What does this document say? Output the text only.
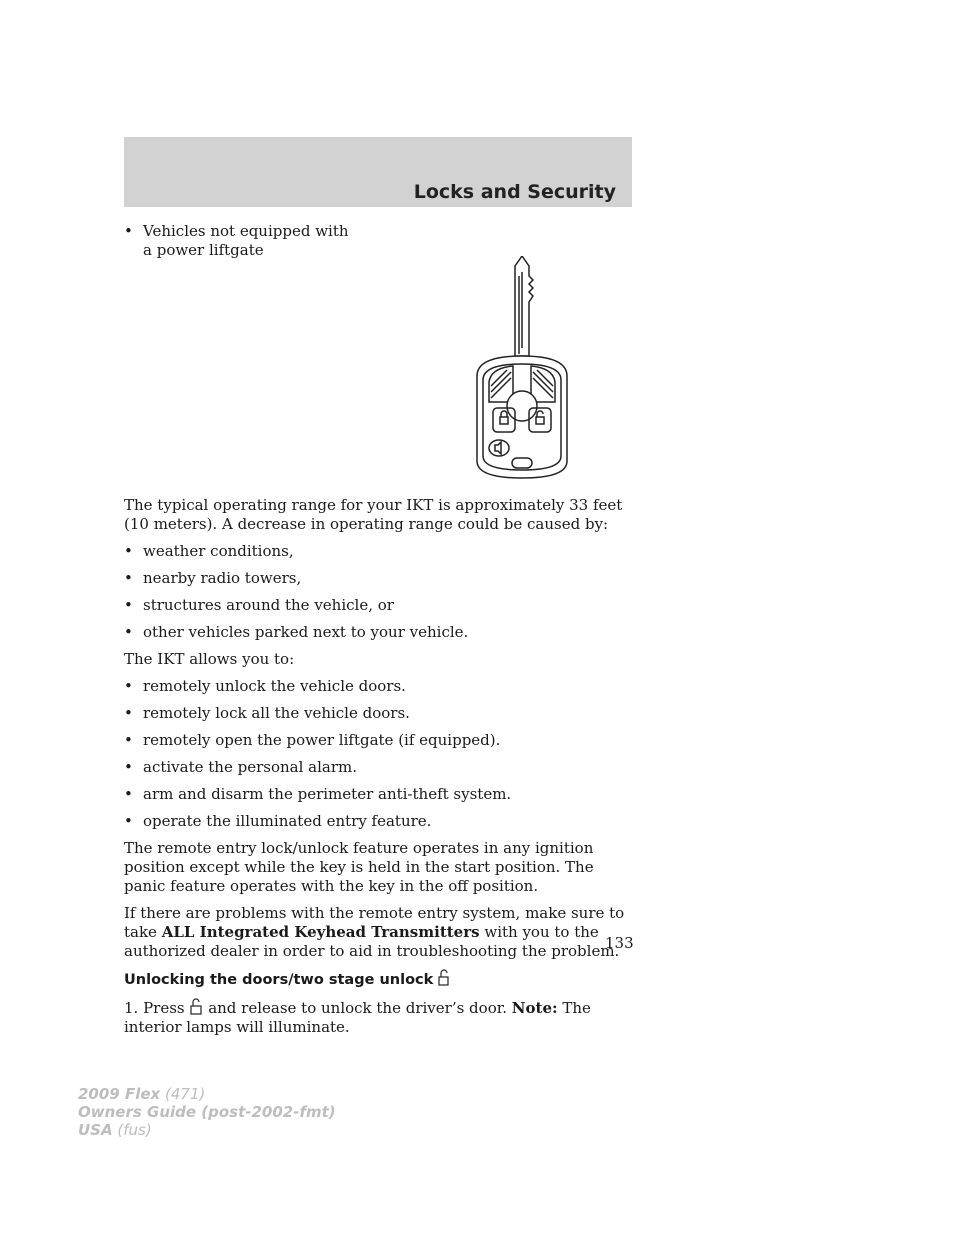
Locks and Security
• Vehicles not equipped with a power liftgate

The typical operating range for your IKT is approximately 33 feet (10 meters). A decrease in operating range could be caused by:

• weather conditions,
• nearby radio towers,
• structures around the vehicle, or
• other vehicles parked next to your vehicle.

The IKT allows you to:

• remotely unlock the vehicle doors.
• remotely lock all the vehicle doors.
• remotely open the power liftgate (if equipped).
• activate the personal alarm.
• arm and disarm the perimeter anti-theft system.
• operate the illuminated entry feature.

The remote entry lock/unlock feature operates in any ignition position except while the key is held in the start position. The panic feature operates with the key in the off position.

If there are problems with the remote entry system, make sure to take ALL Integrated Keyhead Transmitters with you to the authorized dealer in order to aid in troubleshooting the problem.

Unlocking the doors/two stage unlock

1. Press and release to unlock the driver’s door. Note: The interior lamps will illuminate.

133
2009 Flex (471)
Owners Guide (post-2002-fmt)
USA (fus)
